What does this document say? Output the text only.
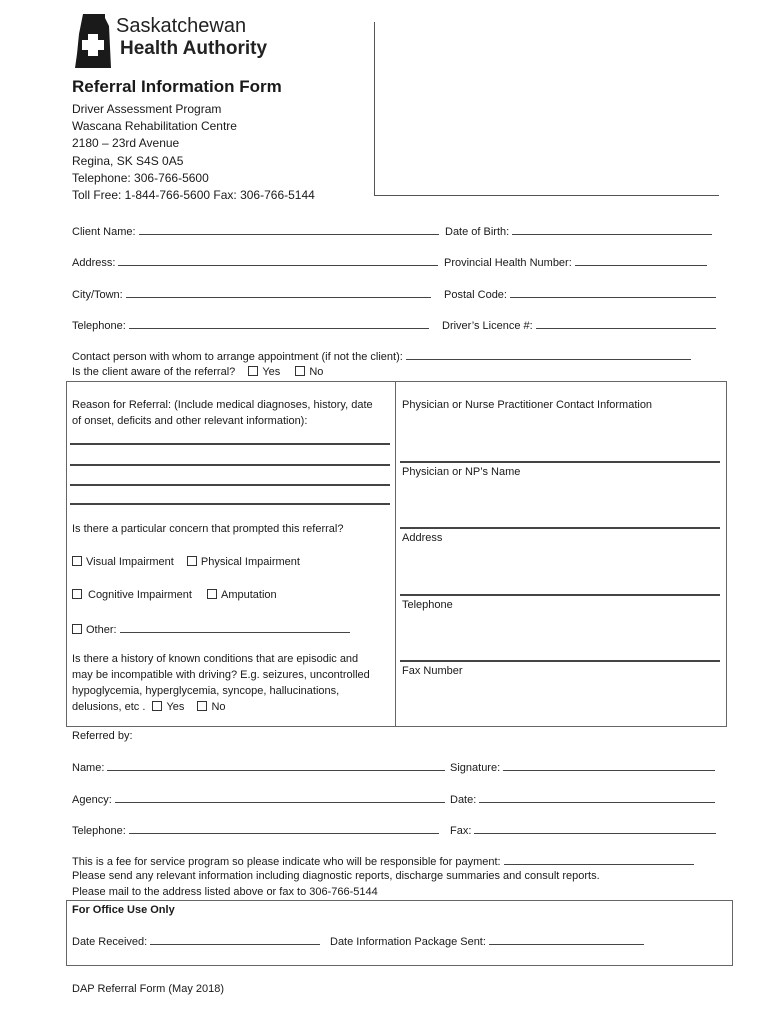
Saskatchewan
Health Authority
Referral Information Form
Driver Assessment Program
Wascana Rehabilitation Centre
2180 – 23rd Avenue
Regina, SK S4S 0A5
Telephone: 306-766-5600
Toll Free: 1-844-766-5600 Fax: 306-766-5144
Client Name:	Date of Birth:
Address:	Provincial Health Number:
City/Town:	Postal Code:
Telephone:	Driver’s Licence #:
Contact person with whom to arrange appointment (if not the client):
Is the client aware of the referral? Yes	No
Reason for Referral: (Include medical diagnoses, history, date
of onset, deficits and other relevant information):
Is there a particular concern that prompted this referral?
Visual Impairment Physical Impairment
Cognitive Impairment	Amputation
Other:
Is there a history of known conditions that are episodic and
may be incompatible with driving? E.g. seizures, uncontrolled
hypoglycemia, hyperglycemia, syncope, hallucinations,
delusions, etc . Yes No
Physician or Nurse Practitioner Contact Information
Physician or NP’s Name
Address
Telephone
Fax Number
Referred by:
Name:	Signature:
Agency:	Date:
Telephone:	Fax:
This is a fee for service program so please indicate who will be responsible for payment:
Please send any relevant information including diagnostic reports, discharge summaries and consult reports.
Please mail to the address listed above or fax to 306-766-5144
For Office Use Only
Date Received:	Date Information Package Sent:
DAP Referral Form (May 2018)
